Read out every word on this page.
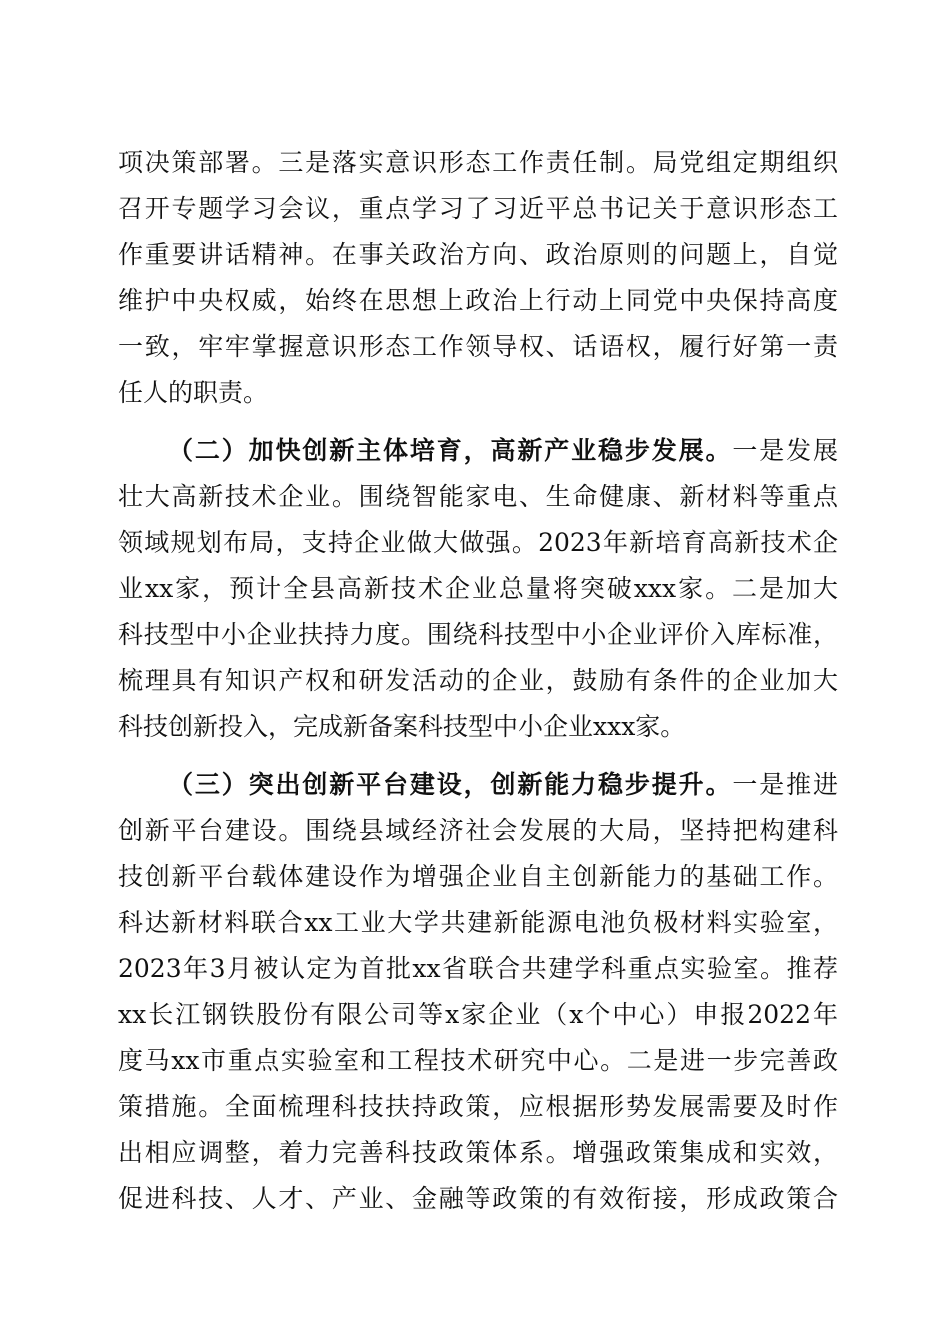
项决策部署。三是落实意识形态工作责任制。局党组定期组织
召开专题学习会议，重点学习了习近平总书记关于意识形态工
作重要讲话精神。在事关政治方向、政治原则的问题上，自觉
维护中央权威，始终在思想上政治上行动上同党中央保持高度
一致，牢牢掌握意识形态工作领导权、话语权，履行好第一责
任人的职责。
（二）加快创新主体培育，高新产业稳步发展。一是发展
壮大高新技术企业。围绕智能家电、生命健康、新材料等重点
领域规划布局，支持企业做大做强。2023年新培育高新技术企
业xx家，预计全县高新技术企业总量将突破xxx家。二是加大
科技型中小企业扶持力度。围绕科技型中小企业评价入库标准，
梳理具有知识产权和研发活动的企业，鼓励有条件的企业加大
科技创新投入，完成新备案科技型中小企业xxx家。
（三）突出创新平台建设，创新能力稳步提升。一是推进
创新平台建设。围绕县域经济社会发展的大局，坚持把构建科
技创新平台载体建设作为增强企业自主创新能力的基础工作。
科达新材料联合xx工业大学共建新能源电池负极材料实验室，
2023年3月被认定为首批xx省联合共建学科重点实验室。推荐
xx长江钢铁股份有限公司等x家企业（x个中心）申报2022年
度马xx市重点实验室和工程技术研究中心。二是进一步完善政
策措施。全面梳理科技扶持政策，应根据形势发展需要及时作
出相应调整，着力完善科技政策体系。增强政策集成和实效，
促进科技、人才、产业、金融等政策的有效衔接，形成政策合
